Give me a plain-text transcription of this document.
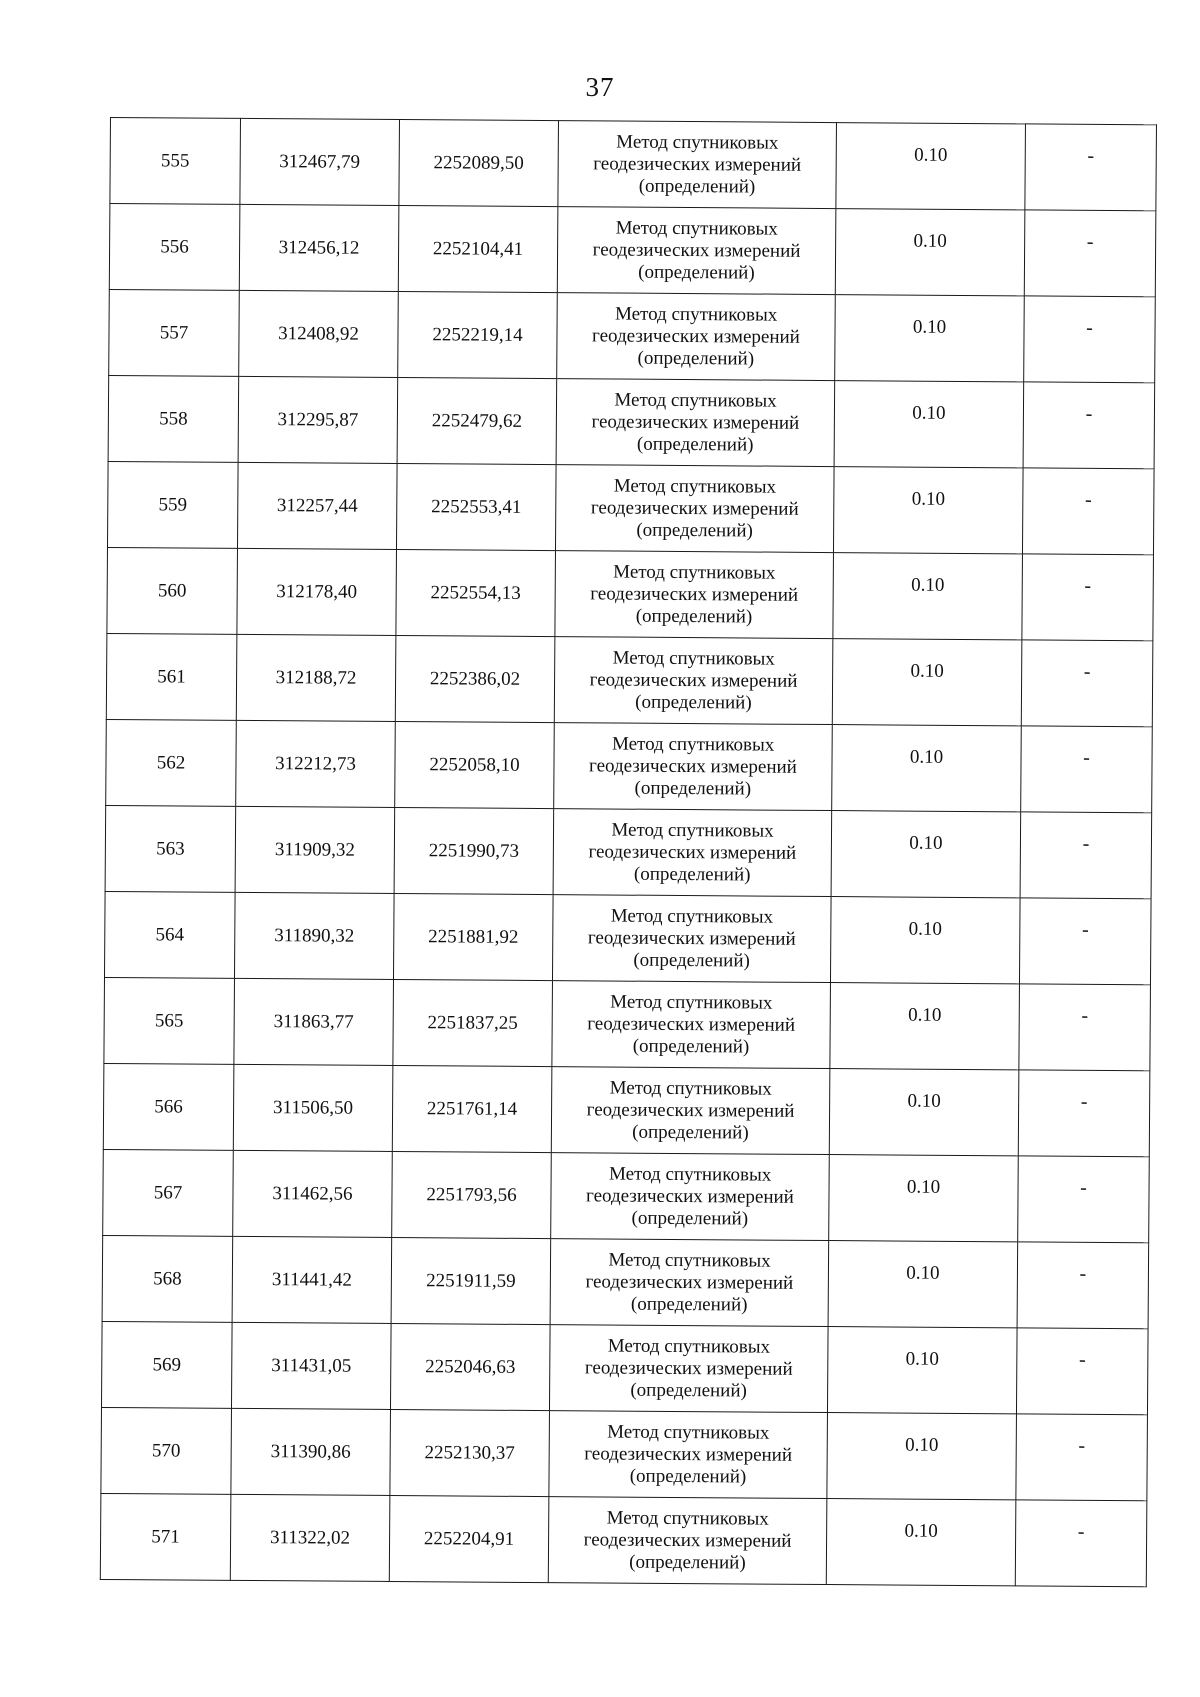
37
555	312467,79	2252089,50	Метод спутниковых
геодезических измерений
(определений)	0.10	-
556	312456,12	2252104,41	Метод спутниковых
геодезических измерений
(определений)	0.10	-
557	312408,92	2252219,14	Метод спутниковых
геодезических измерений
(определений)	0.10	-
558	312295,87	2252479,62	Метод спутниковых
геодезических измерений
(определений)	0.10	-
559	312257,44	2252553,41	Метод спутниковых
геодезических измерений
(определений)	0.10	-
560	312178,40	2252554,13	Метод спутниковых
геодезических измерений
(определений)	0.10	-
561	312188,72	2252386,02	Метод спутниковых
геодезических измерений
(определений)	0.10	-
562	312212,73	2252058,10	Метод спутниковых
геодезических измерений
(определений)	0.10	-
563	311909,32	2251990,73	Метод спутниковых
геодезических измерений
(определений)	0.10	-
564	311890,32	2251881,92	Метод спутниковых
геодезических измерений
(определений)	0.10	-
565	311863,77	2251837,25	Метод спутниковых
геодезических измерений
(определений)	0.10	-
566	311506,50	2251761,14	Метод спутниковых
геодезических измерений
(определений)	0.10	-
567	311462,56	2251793,56	Метод спутниковых
геодезических измерений
(определений)	0.10	-
568	311441,42	2251911,59	Метод спутниковых
геодезических измерений
(определений)	0.10	-
569	311431,05	2252046,63	Метод спутниковых
геодезических измерений
(определений)	0.10	-
570	311390,86	2252130,37	Метод спутниковых
геодезических измерений
(определений)	0.10	-
571	311322,02	2252204,91	Метод спутниковых
геодезических измерений
(определений)	0.10	-
